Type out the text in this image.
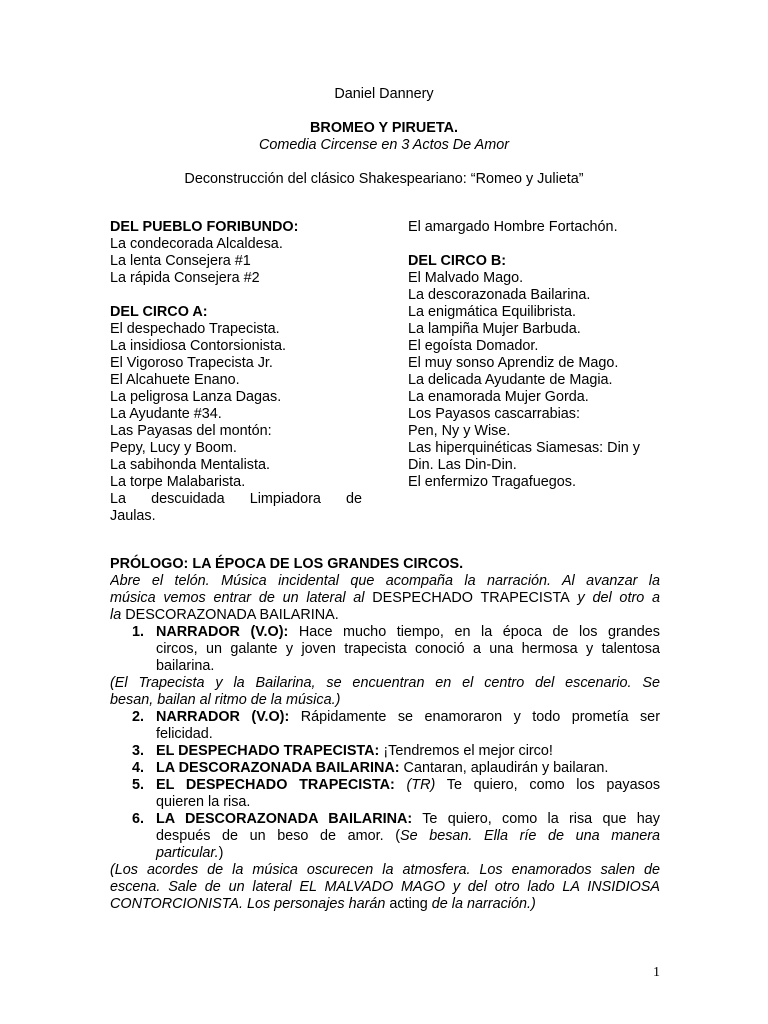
Daniel Dannery
BROMEO Y PIRUETA.
Comedia Circense en 3 Actos De Amor
Deconstrucción del clásico Shakespeariano: “Romeo y Julieta”
DEL PUEBLO FORIBUNDO:
La condecorada Alcaldesa.
La lenta Consejera #1
La rápida Consejera #2
DEL CIRCO A:
El despechado Trapecista.
La insidiosa Contorsionista.
El Vigoroso Trapecista Jr.
El Alcahuete Enano.
La peligrosa Lanza Dagas.
La Ayudante #34.
Las Payasas del montón:
Pepy, Lucy y Boom.
La sabihonda Mentalista.
La torpe Malabarista.
La descuidada Limpiadora de
Jaulas.
El amargado Hombre Fortachón.
DEL CIRCO B:
El Malvado Mago.
La descorazonada Bailarina.
La enigmática Equilibrista.
La lampiña Mujer Barbuda.
El egoísta Domador.
El muy sonso Aprendiz de Mago.
La delicada Ayudante de Magia.
La enamorada Mujer Gorda.
Los Payasos cascarrabias:
Pen, Ny y Wise.
Las hiperquinéticas Siamesas: Din y
Din. Las Din-Din.
El enfermizo Tragafuegos.
PRÓLOGO: LA ÉPOCA DE LOS GRANDES CIRCOS.
Abre el telón. Música incidental que acompaña la narración. Al avanzar la
música vemos entrar de un lateral al DESPECHADO TRAPECISTA y del otro a
la DESCORAZONADA BAILARINA.
1. NARRADOR (V.O): Hace mucho tiempo, en la época de los grandes
circos, un galante y joven trapecista conoció a una hermosa y talentosa
bailarina.
(El Trapecista y la Bailarina, se encuentran en el centro del escenario. Se
besan, bailan al ritmo de la música.)
2. NARRADOR (V.O): Rápidamente se enamoraron y todo prometía ser
felicidad.
3. EL DESPECHADO TRAPECISTA: ¡Tendremos el mejor circo!
4. LA DESCORAZONADA BAILARINA: Cantaran, aplaudirán y bailaran.
5. EL DESPECHADO TRAPECISTA: (TR) Te quiero, como los payasos
quieren la risa.
6. LA DESCORAZONADA BAILARINA: Te quiero, como la risa que hay
después de un beso de amor. (Se besan. Ella ríe de una manera
particular.)
(Los acordes de la música oscurecen la atmosfera. Los enamorados salen de
escena. Sale de un lateral EL MALVADO MAGO y del otro lado LA INSIDIOSA
CONTORCIONISTA. Los personajes harán acting de la narración.)
1
